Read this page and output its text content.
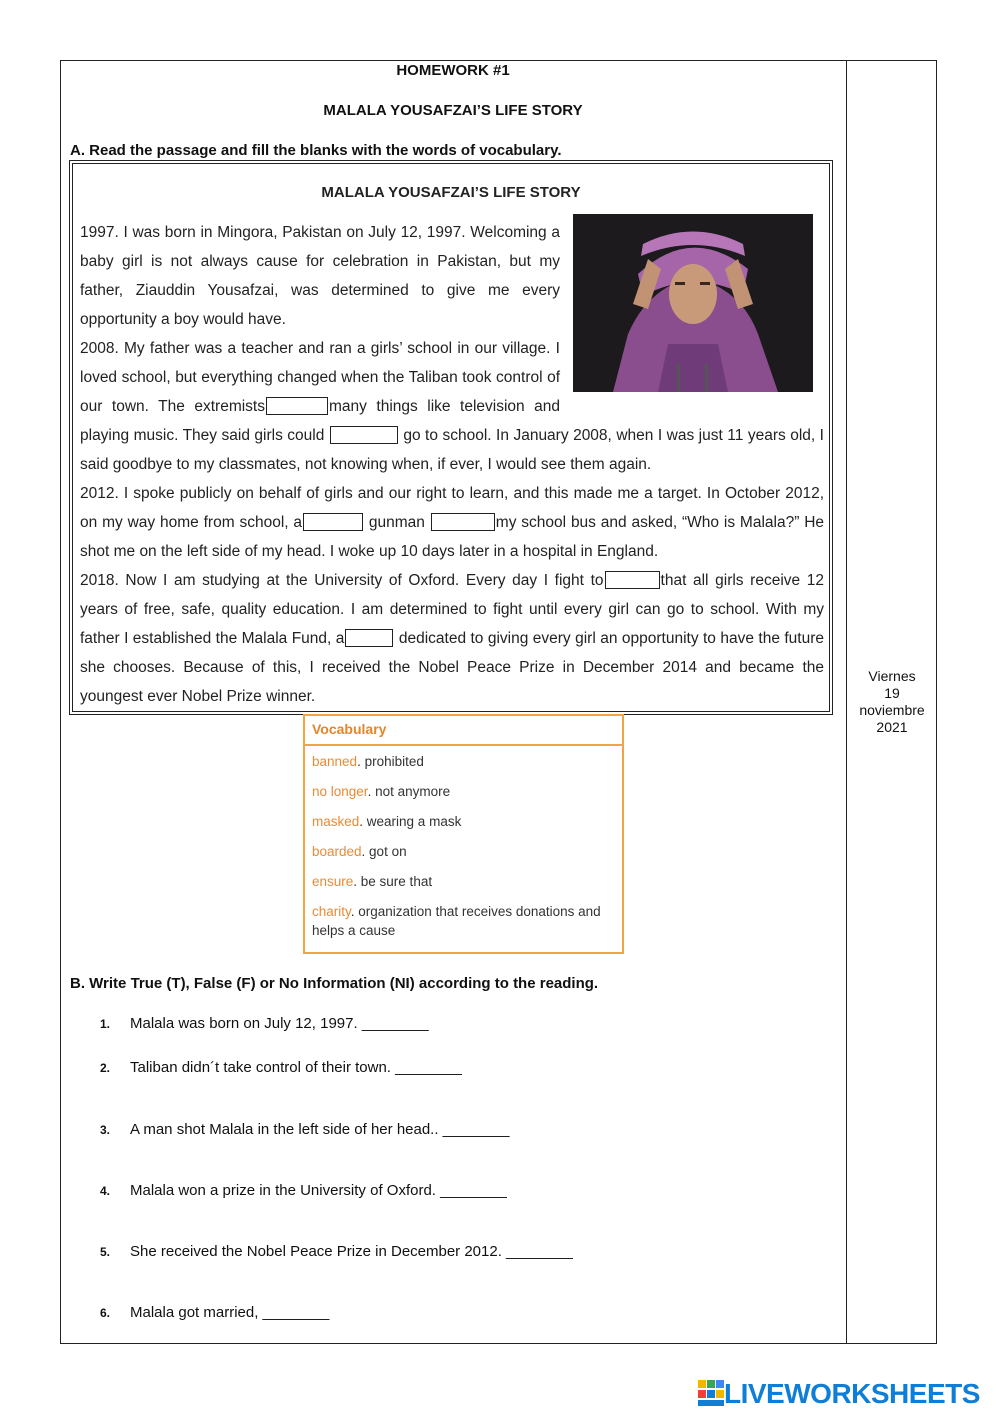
Viernes
19
noviembre
2021
HOMEWORK #1
MALALA YOUSAFZAI’S LIFE STORY
A. Read the passage and fill the blanks with the words of vocabulary.
MALALA YOUSAFZAI’S LIFE STORY

1997. I was born in Mingora, Pakistan on July 12, 1997. Welcoming a baby girl is not always cause for celebration in Pakistan, but my father, Ziauddin Yousafzai, was determined to give me every opportunity a boy would have.

2008. My father was a teacher and ran a girls’ school in our village. I loved school, but everything changed when the Taliban took control of our town. The extremists	many things like television and playing music. They said girls could	go to school. In January 2008, when I was just 11 years old, I said goodbye to my classmates, not knowing when, if ever, I would see them again.

2012. I spoke publicly on behalf of girls and our right to learn, and this made me a target. In October 2012, on my way home from school, a	gunman	my school bus and asked, “Who is Malala?” He shot me on the left side of my head. I woke up 10 days later in a hospital in England.

2018. Now I am studying at the University of Oxford. Every day I fight to	that all girls receive 12 years of free, safe, quality education. I am determined to fight until every girl can go to school. With my father I established the Malala Fund, a	dedicated to giving every girl an opportunity to have the future she chooses. Because of this, I received the Nobel Peace Prize in December 2014 and became the youngest ever Nobel Prize winner.

Vocabulary
banned. prohibited
no longer. not anymore
masked. wearing a mask
boarded. got on
ensure. be sure that
charity. organization that receives donations and helps a cause
B. Write True (T), False (F) or No Information (NI) according to the reading.
1. Malala was born on July 12, 1997. ________
2. Taliban didn´t take control of their town. ________
3. A man shot Malala in the left side of her head.. ________
4. Malala won a prize in the University of Oxford. ________
5. She received the Nobel Peace Prize in December 2012. ________
6. Malala got married, ________
LIVEWORKSHEETS
